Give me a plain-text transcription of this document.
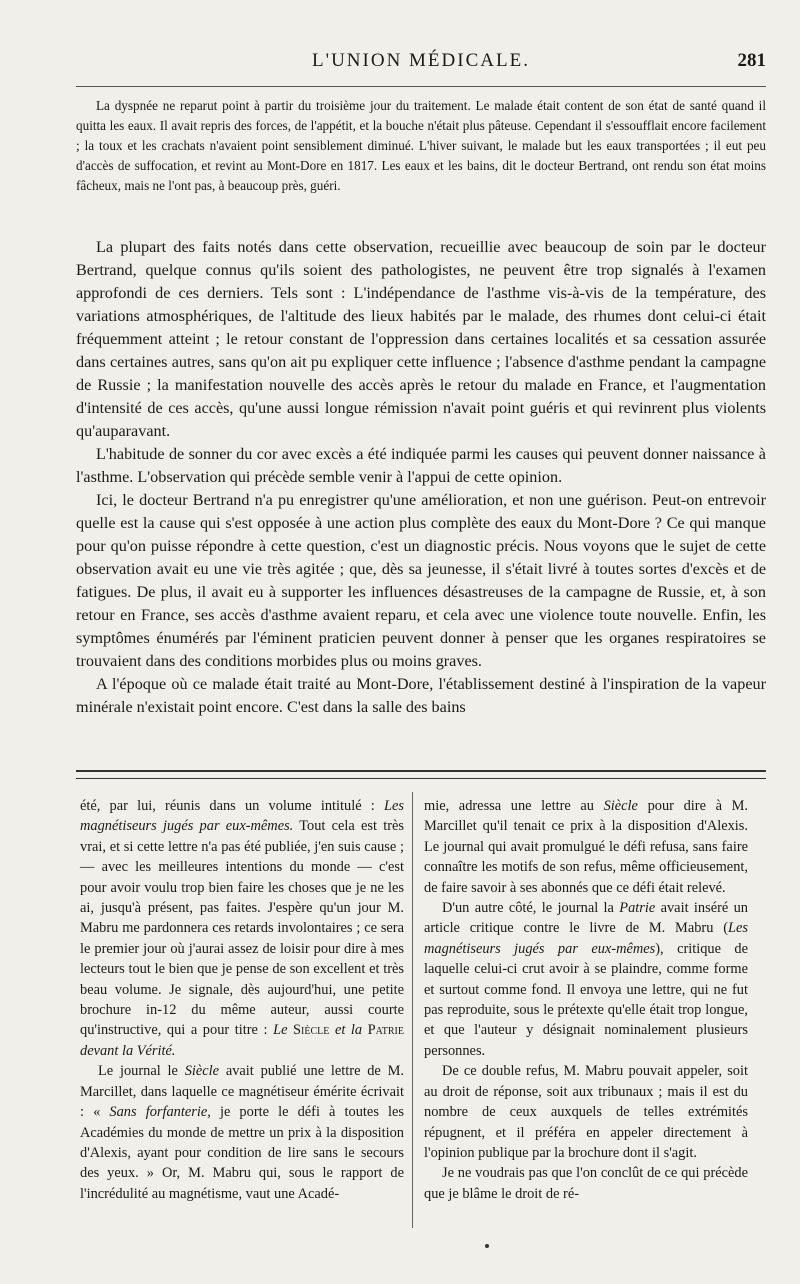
L'UNION MÉDICALE.	281

La dyspnée ne reparut point à partir du troisième jour du traitement. Le malade était content de son état de santé quand il quitta les eaux. Il avait repris des forces, de l'appétit, et la bouche n'était plus pâteuse. Cependant il s'essoufflait encore facilement ; la toux et les crachats n'avaient point sensiblement diminué. L'hiver suivant, le malade but les eaux transportées ; il eut peu d'accès de suffocation, et revint au Mont-Dore en 1817. Les eaux et les bains, dit le docteur Bertrand, ont rendu son état moins fâcheux, mais ne l'ont pas, à beaucoup près, guéri.

La plupart des faits notés dans cette observation, recueillie avec beaucoup de soin par le docteur Bertrand, quelque connus qu'ils soient des pathologistes, ne peuvent être trop signalés à l'examen approfondi de ces derniers. Tels sont : L'indépendance de l'asthme vis-à-vis de la température, des variations atmosphériques, de l'altitude des lieux habités par le malade, des rhumes dont celui-ci était fréquemment atteint ; le retour constant de l'oppression dans certaines localités et sa cessation assurée dans certaines autres, sans qu'on ait pu expliquer cette influence ; l'absence d'asthme pendant la campagne de Russie ; la manifestation nouvelle des accès après le retour du malade en France, et l'augmentation d'intensité de ces accès, qu'une aussi longue rémission n'avait point guéris et qui revinrent plus violents qu'auparavant.

L'habitude de sonner du cor avec excès a été indiquée parmi les causes qui peuvent donner naissance à l'asthme. L'observation qui précède semble venir à l'appui de cette opinion.

Ici, le docteur Bertrand n'a pu enregistrer qu'une amélioration, et non une guérison. Peut-on entrevoir quelle est la cause qui s'est opposée à une action plus complète des eaux du Mont-Dore ? Ce qui manque pour qu'on puisse répondre à cette question, c'est un diagnostic précis. Nous voyons que le sujet de cette observation avait eu une vie très agitée ; que, dès sa jeunesse, il s'était livré à toutes sortes d'excès et de fatigues. De plus, il avait eu à supporter les influences désastreuses de la campagne de Russie, et, à son retour en France, ses accès d'asthme avaient reparu, et cela avec une violence toute nouvelle. Enfin, les symptômes énumérés par l'éminent praticien peuvent donner à penser que les organes respiratoires se trouvaient dans des conditions morbides plus ou moins graves.

A l'époque où ce malade était traité au Mont-Dore, l'établissement destiné à l'inspiration de la vapeur minérale n'existait point encore. C'est dans la salle des bains

été, par lui, réunis dans un volume intitulé : Les magnétiseurs jugés par eux-mêmes. Tout cela est très vrai, et si cette lettre n'a pas été publiée, j'en suis cause ; — avec les meilleures intentions du monde — c'est pour avoir voulu trop bien faire les choses que je ne les ai, jusqu'à présent, pas faites. J'espère qu'un jour M. Mabru me pardonnera ces retards involontaires ; ce sera le premier jour où j'aurai assez de loisir pour dire à mes lecteurs tout le bien que je pense de son excellent et très beau volume. Je signale, dès aujourd'hui, une petite brochure in-12 du même auteur, aussi courte qu'instructive, qui a pour titre : Le Siècle et la Patrie devant la Vérité.

Le journal le Siècle avait publié une lettre de M. Marcillet, dans laquelle ce magnétiseur émérite écrivait : « Sans forfanterie, je porte le défi à toutes les Académies du monde de mettre un prix à la disposition d'Alexis, ayant pour condition de lire sans le secours des yeux. » Or, M. Mabru qui, sous le rapport de l'incrédulité au magnétisme, vaut une Acadé-

mie, adressa une lettre au Siècle pour dire à M. Marcillet qu'il tenait ce prix à la disposition d'Alexis. Le journal qui avait promulgué le défi refusa, sans faire connaître les motifs de son refus, même officieusement, de faire savoir à ses abonnés que ce défi était relevé.

D'un autre côté, le journal la Patrie avait inséré un article critique contre le livre de M. Mabru (Les magnétiseurs jugés par eux-mêmes), critique de laquelle celui-ci crut avoir à se plaindre, comme forme et surtout comme fond. Il envoya une lettre, qui ne fut pas reproduite, sous le prétexte qu'elle était trop longue, et que l'auteur y désignait nominalement plusieurs personnes.

De ce double refus, M. Mabru pouvait appeler, soit au droit de réponse, soit aux tribunaux ; mais il est du nombre de ceux auxquels de telles extrémités répugnent, et il préféra en appeler directement à l'opinion publique par la brochure dont il s'agit.

Je ne voudrais pas que l'on conclût de ce qui précède que je blâme le droit de ré-
